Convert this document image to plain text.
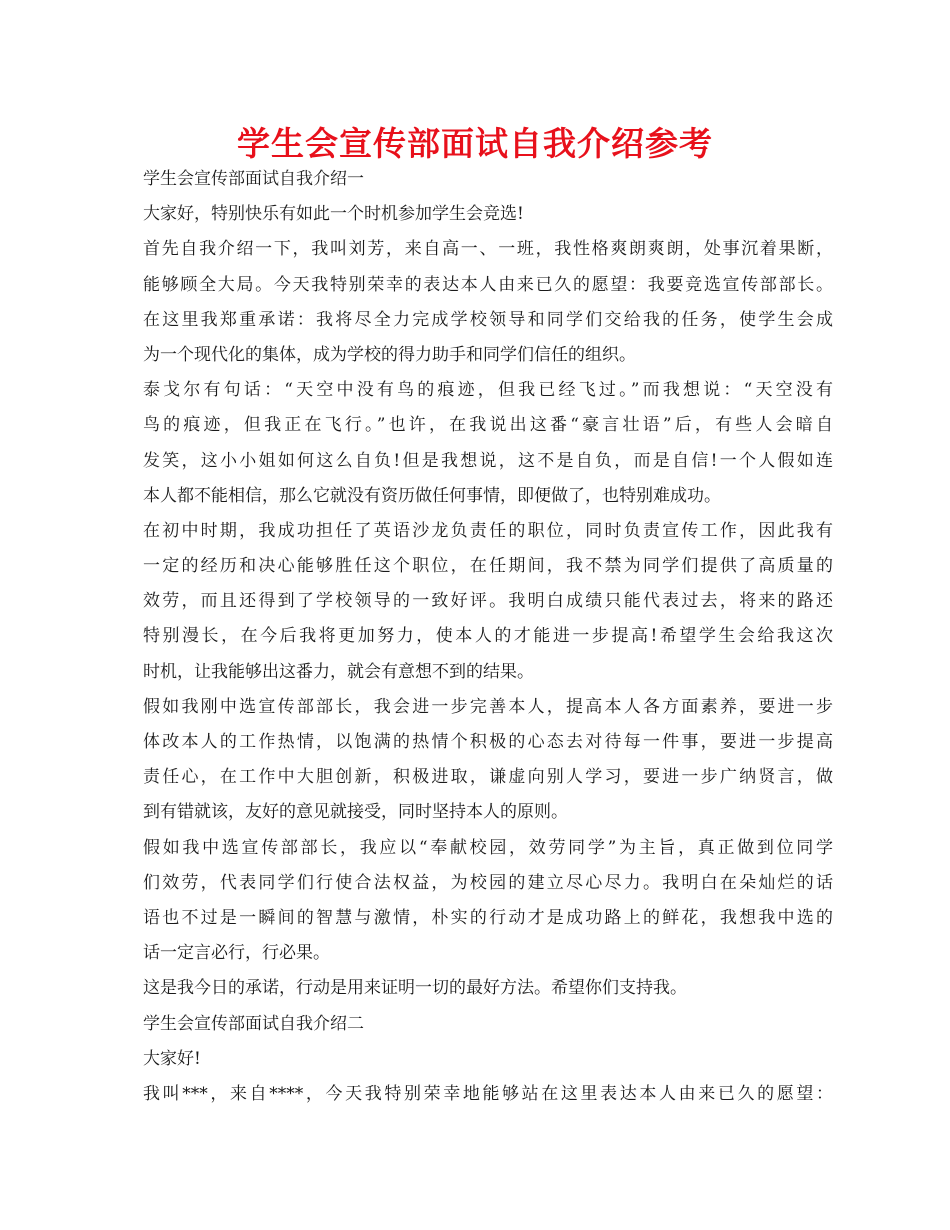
学生会宣传部面试自我介绍参考
学生会宣传部面试自我介绍一
大家好，特别快乐有如此一个时机参加学生会竞选!
首先自我介绍一下，我叫刘芳，来自高一、一班，我性格爽朗爽朗，处事沉着果断，
能够顾全大局。今天我特别荣幸的表达本人由来已久的愿望：我要竞选宣传部部长。
在这里我郑重承诺：我将尽全力完成学校领导和同学们交给我的任务，使学生会成
为一个现代化的集体，成为学校的得力助手和同学们信任的组织。
泰戈尔有句话：“天空中没有鸟的痕迹，但我已经飞过。”而我想说：“天空没有
鸟的痕迹，但我正在飞行。”也许，在我说出这番“豪言壮语”后，有些人会暗自
发笑，这小小姐如何这么自负!但是我想说，这不是自负，而是自信!一个人假如连
本人都不能相信，那么它就没有资历做任何事情，即便做了，也特别难成功。
在初中时期，我成功担任了英语沙龙负责任的职位，同时负责宣传工作，因此我有
一定的经历和决心能够胜任这个职位，在任期间，我不禁为同学们提供了高质量的
效劳，而且还得到了学校领导的一致好评。我明白成绩只能代表过去，将来的路还
特别漫长，在今后我将更加努力，使本人的才能进一步提高!希望学生会给我这次
时机，让我能够出这番力，就会有意想不到的结果。
假如我刚中选宣传部部长，我会进一步完善本人，提高本人各方面素养，要进一步
体改本人的工作热情，以饱满的热情个积极的心态去对待每一件事，要进一步提高
责任心，在工作中大胆创新，积极进取，谦虚向别人学习，要进一步广纳贤言，做
到有错就该，友好的意见就接受，同时坚持本人的原则。
假如我中选宣传部部长，我应以“奉献校园，效劳同学”为主旨，真正做到位同学
们效劳，代表同学们行使合法权益，为校园的建立尽心尽力。我明白在朵灿烂的话
语也不过是一瞬间的智慧与激情，朴实的行动才是成功路上的鲜花，我想我中选的
话一定言必行，行必果。
这是我今日的承诺，行动是用来证明一切的最好方法。希望你们支持我。
学生会宣传部面试自我介绍二
大家好!
我叫***，来自****，今天我特别荣幸地能够站在这里表达本人由来已久的愿望：
